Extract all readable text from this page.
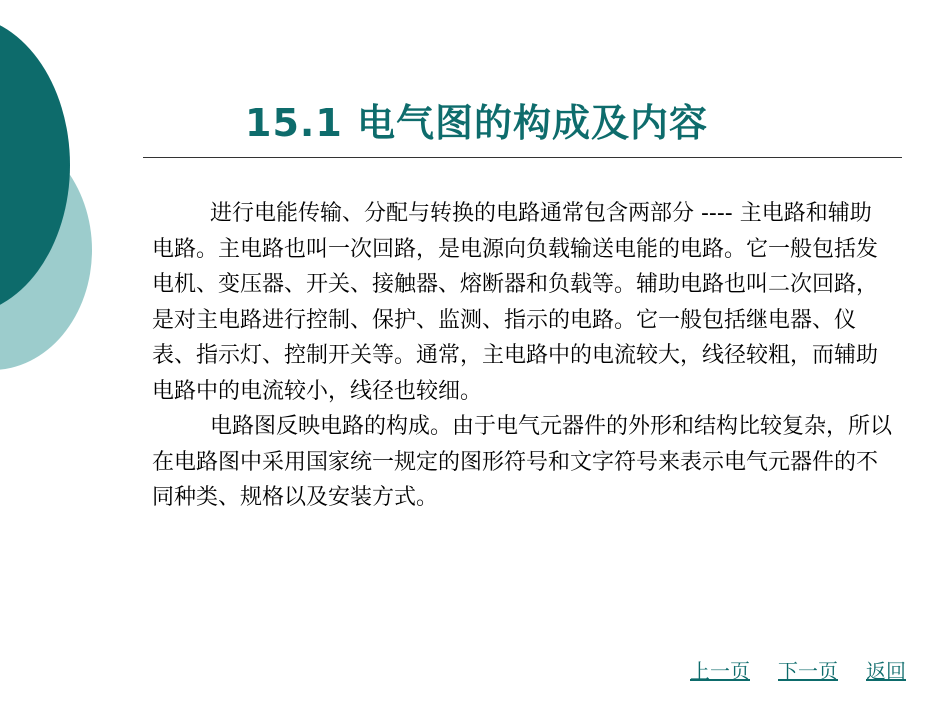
15.1 电气图的构成及内容

进行电能传输、分配与转换的电路通常包含两部分 ---- 主电路和辅助电路。主电路也叫一次回路，是电源向负载输送电能的电路。它一般包括发电机、变压器、开关、接触器、熔断器和负载等。辅助电路也叫二次回路，是对主电路进行控制、保护、监测、指示的电路。它一般包括继电器、仪表、指示灯、控制开关等。通常，主电路中的电流较大，线径较粗，而辅助电路中的电流较小，线径也较细。

电路图反映电路的构成。由于电气元器件的外形和结构比较复杂，所以在电路图中采用国家统一规定的图形符号和文字符号来表示电气元器件的不同种类、规格以及安装方式。

上一页 下一页 返回
